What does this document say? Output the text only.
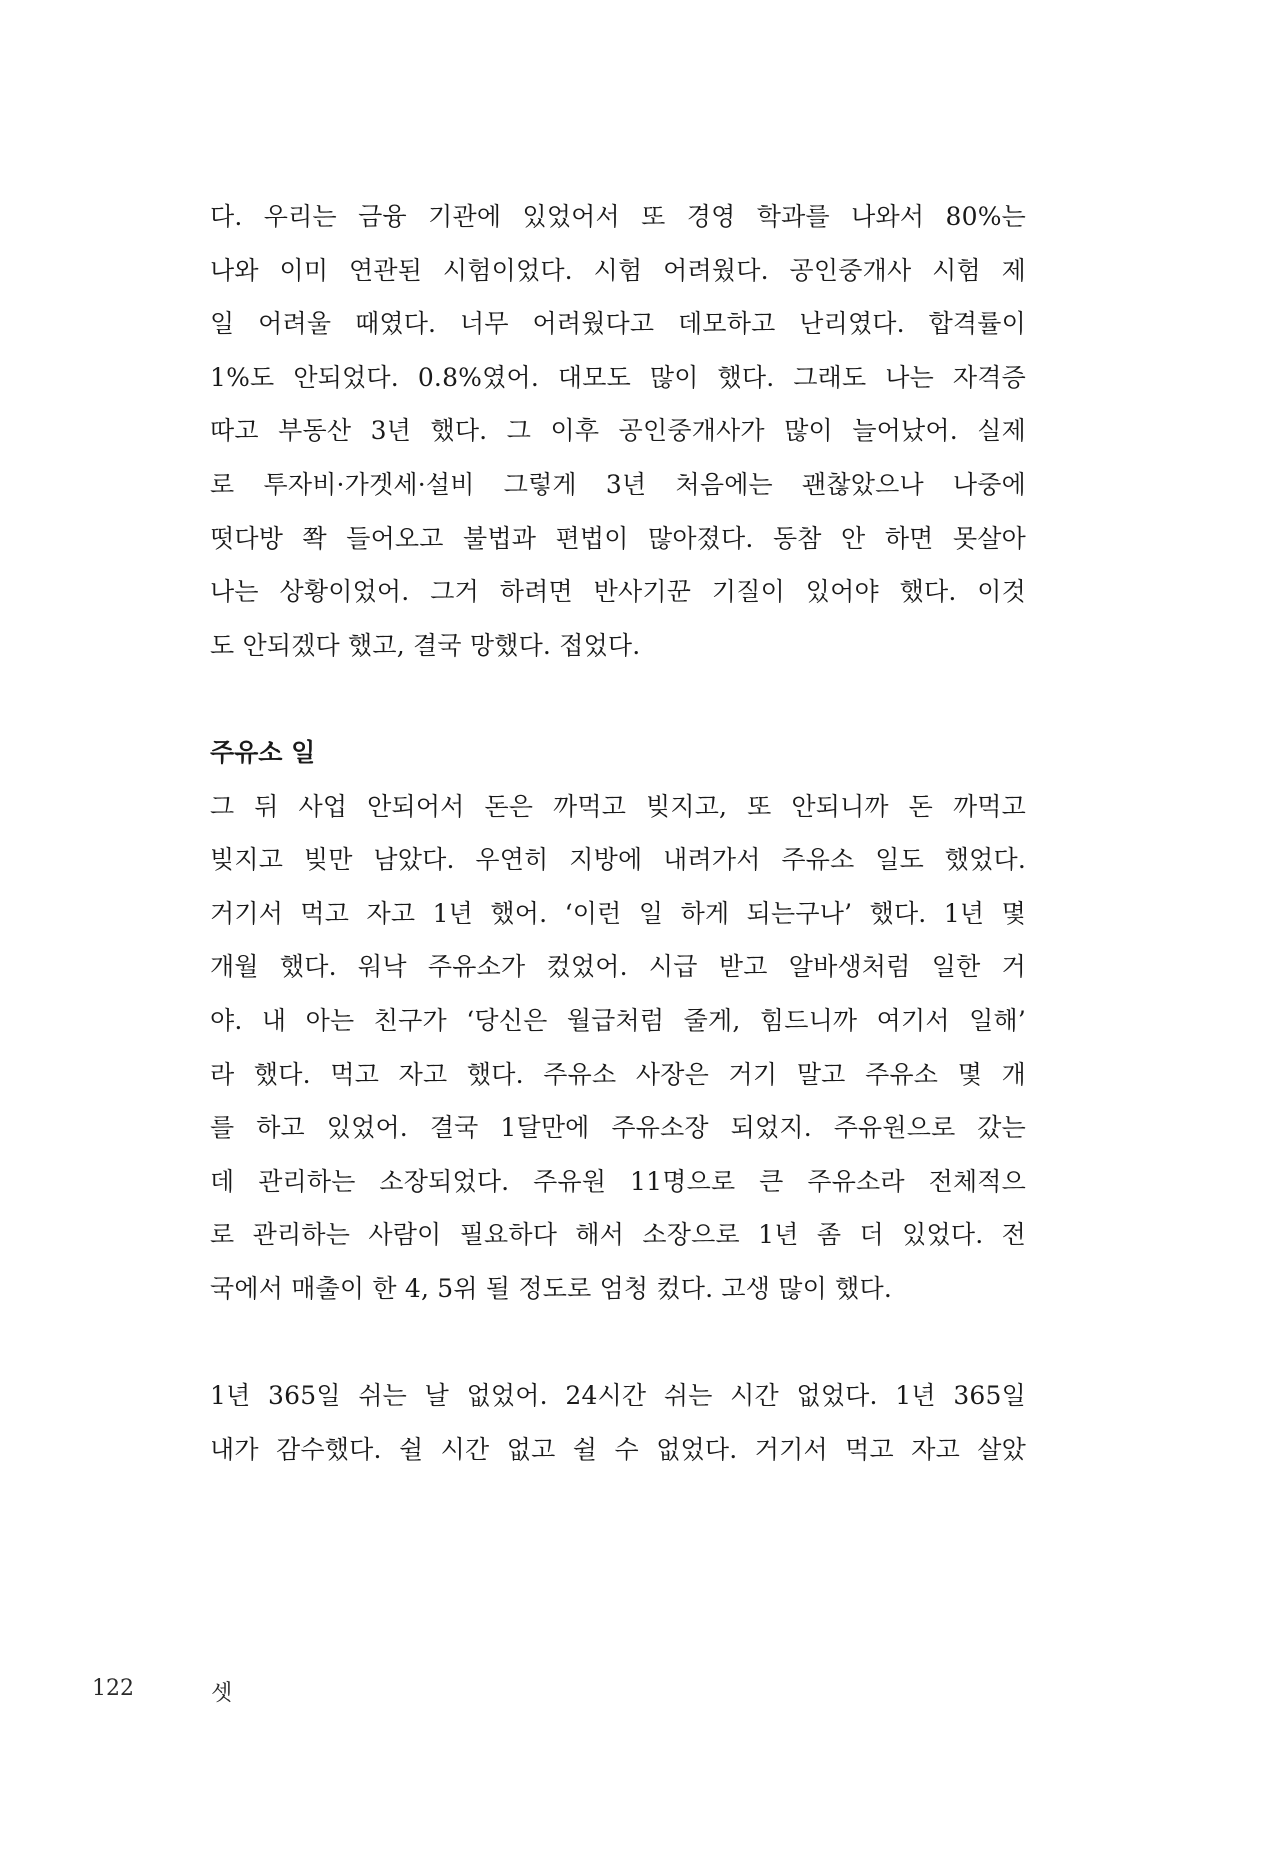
다. 우리는 금융 기관에 있었어서 또 경영 학과를 나와서 80%는
나와 이미 연관된 시험이었다. 시험 어려웠다. 공인중개사 시험 제
일 어려울 때였다. 너무 어려웠다고 데모하고 난리였다. 합격률이
1%도 안되었다. 0.8%였어. 대모도 많이 했다. 그래도 나는 자격증
따고 부동산 3년 했다. 그 이후 공인중개사가 많이 늘어났어. 실제
로 투자비·가겟세·설비 그렇게 3년 처음에는 괜찮았으나 나중에
떳다방 쫙 들어오고 불법과 편법이 많아졌다. 동참 안 하면 못살아
나는 상황이었어. 그거 하려면 반사기꾼 기질이 있어야 했다. 이것
도 안되겠다 했고, 결국 망했다. 접었다.
주유소 일
그 뒤 사업 안되어서 돈은 까먹고 빚지고, 또 안되니까 돈 까먹고
빚지고 빚만 남았다. 우연히 지방에 내려가서 주유소 일도 했었다.
거기서 먹고 자고 1년 했어. ‘이런 일 하게 되는구나’ 했다. 1년 몇
개월 했다. 워낙 주유소가 컸었어. 시급 받고 알바생처럼 일한 거
야. 내 아는 친구가 ‘당신은 월급처럼 줄게, 힘드니까 여기서 일해’
라 했다. 먹고 자고 했다. 주유소 사장은 거기 말고 주유소 몇 개
를 하고 있었어. 결국 1달만에 주유소장 되었지. 주유원으로 갔는
데 관리하는 소장되었다. 주유원 11명으로 큰 주유소라 전체적으
로 관리하는 사람이 필요하다 해서 소장으로 1년 좀 더 있었다. 전
국에서 매출이 한 4, 5위 될 정도로 엄청 컸다. 고생 많이 했다.
1년 365일 쉬는 날 없었어. 24시간 쉬는 시간 없었다. 1년 365일
내가 감수했다. 쉴 시간 없고 쉴 수 없었다. 거기서 먹고 자고 살았
122	셋
